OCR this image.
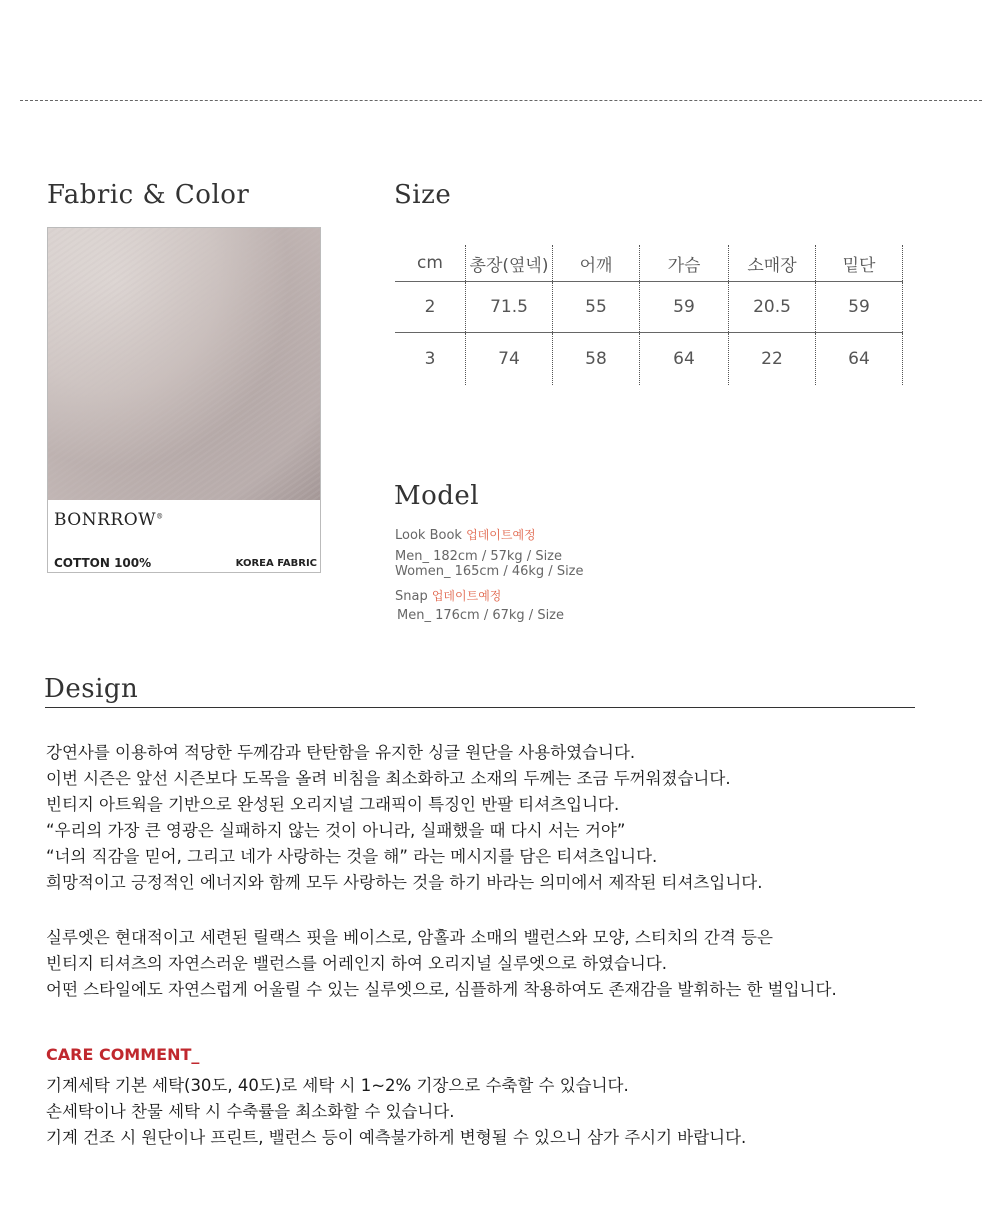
Fabric & Color
BONRROW®
COTTON 100%	KOREA FABRIC
Size
cm	총장(옆넥)	어깨	가슴	소매장	밑단
2	71.5	55	59	20.5	59
3	74	58	64	22	64
Model
Look Book 업데이트예정
Men_ 182cm / 57kg / Size
Women_ 165cm / 46kg / Size
Snap 업데이트예정
Men_ 176cm / 67kg / Size
Design

강연사를 이용하여 적당한 두께감과 탄탄함을 유지한 싱글 원단을 사용하였습니다.

이번 시즌은 앞선 시즌보다 도목을 올려 비침을 최소화하고 소재의 두께는 조금 두꺼워졌습니다.

빈티지 아트웍을 기반으로 완성된 오리지널 그래픽이 특징인 반팔 티셔츠입니다.

“우리의 가장 큰 영광은 실패하지 않는 것이 아니라, 실패했을 때 다시 서는 거야”

“너의 직감을 믿어, 그리고 네가 사랑하는 것을 해” 라는 메시지를 담은 티셔츠입니다.

희망적이고 긍정적인 에너지와 함께 모두 사랑하는 것을 하기 바라는 의미에서 제작된 티셔츠입니다.

실루엣은 현대적이고 세련된 릴랙스 핏을 베이스로, 암홀과 소매의 밸런스와 모양, 스티치의 간격 등은

빈티지 티셔츠의 자연스러운 밸런스를 어레인지 하여 오리지널 실루엣으로 하였습니다.

어떤 스타일에도 자연스럽게 어울릴 수 있는 실루엣으로, 심플하게 착용하여도 존재감을 발휘하는 한 벌입니다.

CARE COMMENT_

기계세탁 기본 세탁(30도, 40도)로 세탁 시 1~2% 기장으로 수축할 수 있습니다.

손세탁이나 찬물 세탁 시 수축률을 최소화할 수 있습니다.

기계 건조 시 원단이나 프린트, 밸런스 등이 예측불가하게 변형될 수 있으니 삼가 주시기 바랍니다.
